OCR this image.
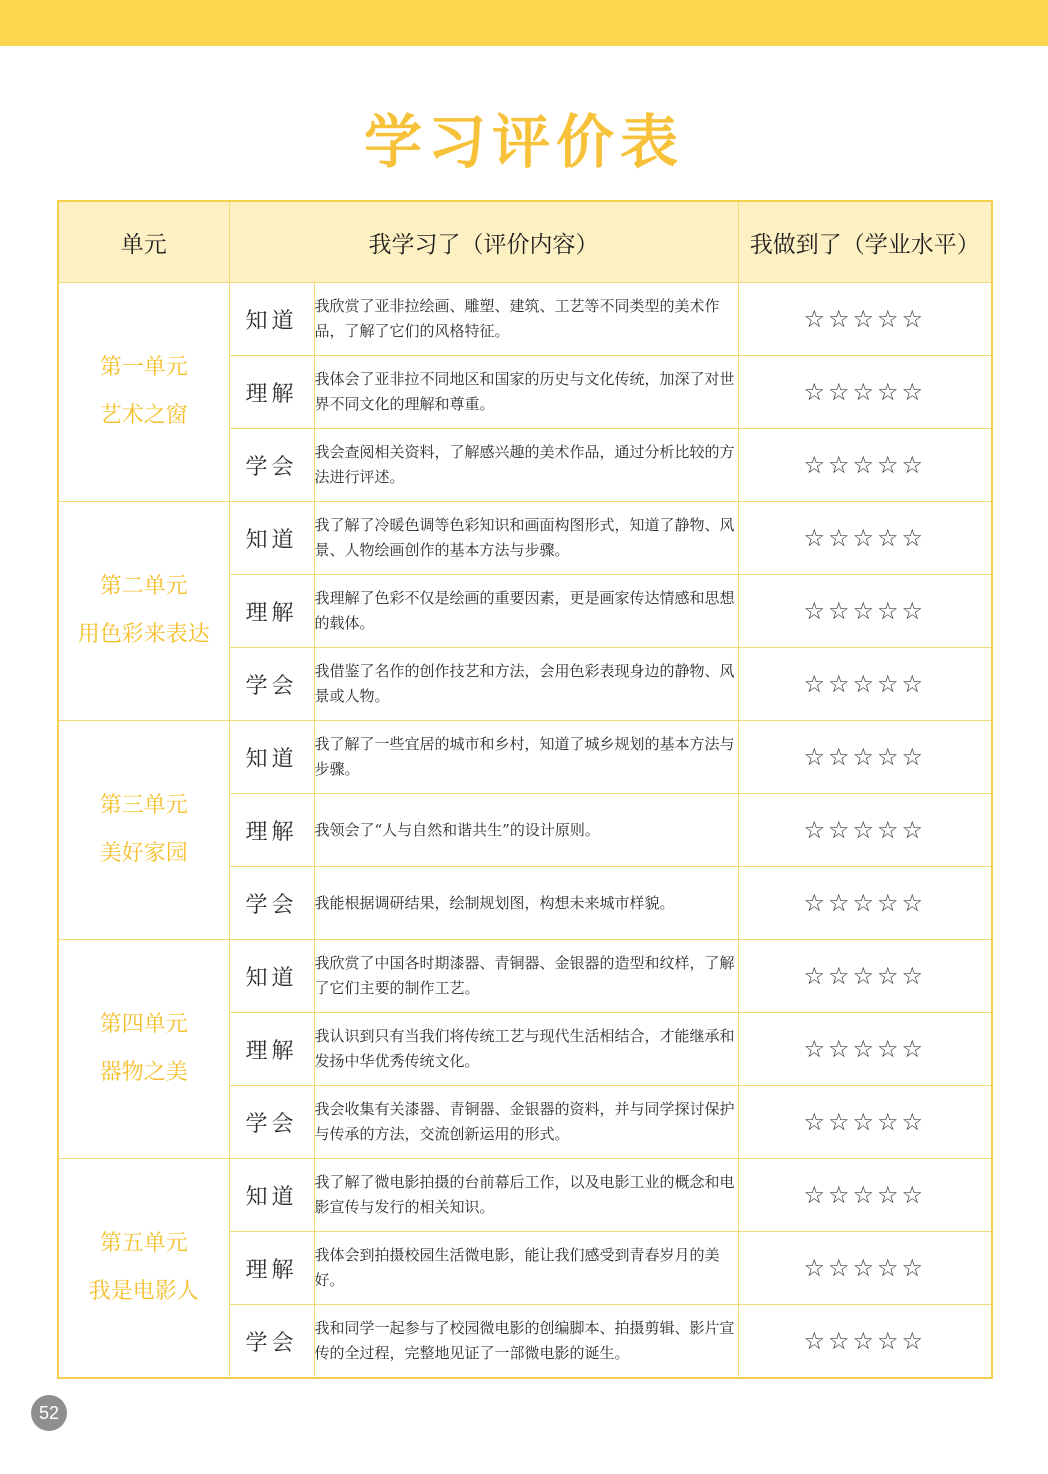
学习评价表
单元	我学习了（评价内容）		我做到了（学业水平）

第一单元
艺术之窗	知道	我欣赏了亚非拉绘画、雕塑、建筑、工艺等不同类型的美术作品，了解了它们的风格特征。	☆☆☆☆☆
	理解	我体会了亚非拉不同地区和国家的历史与文化传统，加深了对世界不同文化的理解和尊重。	☆☆☆☆☆
	学会	我会查阅相关资料，了解感兴趣的美术作品，通过分析比较的方法进行评述。	☆☆☆☆☆

第二单元
用色彩来表达	知道	我了解了冷暖色调等色彩知识和画面构图形式，知道了静物、风景、人物绘画创作的基本方法与步骤。	☆☆☆☆☆
	理解	我理解了色彩不仅是绘画的重要因素，更是画家传达情感和思想的载体。	☆☆☆☆☆
	学会	我借鉴了名作的创作技艺和方法，会用色彩表现身边的静物、风景或人物。	☆☆☆☆☆

第三单元
美好家园	知道	我了解了一些宜居的城市和乡村，知道了城乡规划的基本方法与步骤。	☆☆☆☆☆
	理解	我领会了“人与自然和谐共生”的设计原则。	☆☆☆☆☆
	学会	我能根据调研结果，绘制规划图，构想未来城市样貌。	☆☆☆☆☆

第四单元
器物之美	知道	我欣赏了中国各时期漆器、青铜器、金银器的造型和纹样，了解了它们主要的制作工艺。	☆☆☆☆☆
	理解	我认识到只有当我们将传统工艺与现代生活相结合，才能继承和发扬中华优秀传统文化。	☆☆☆☆☆
	学会	我会收集有关漆器、青铜器、金银器的资料，并与同学探讨保护与传承的方法，交流创新运用的形式。	☆☆☆☆☆

第五单元
我是电影人	知道	我了解了微电影拍摄的台前幕后工作，以及电影工业的概念和电影宣传与发行的相关知识。	☆☆☆☆☆
	理解	我体会到拍摄校园生活微电影，能让我们感受到青春岁月的美好。	☆☆☆☆☆
	学会	我和同学一起参与了校园微电影的创编脚本、拍摄剪辑、影片宣传的全过程，完整地见证了一部微电影的诞生。	☆☆☆☆☆
52
